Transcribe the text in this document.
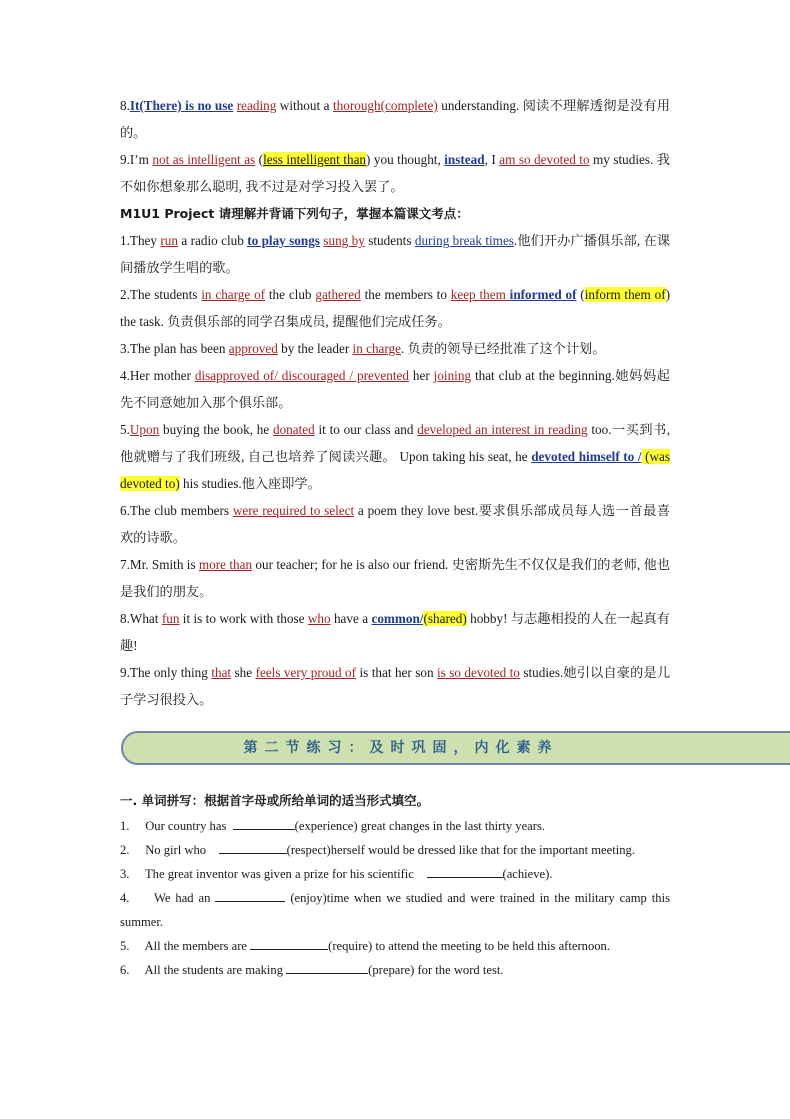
8.It(There) is no use reading without a thorough(complete) understanding. 阅读不理解透彻是没有用的。

9.I’m not as intelligent as (less intelligent than) you thought, instead, I am so devoted to my studies. 我不如你想象那么聪明, 我不过是对学习投入罢了。

M1U1 Project 请理解并背诵下列句子，掌握本篇课文考点：

1.They run a radio club to play songs sung by students during break times.他们开办广播俱乐部, 在课间播放学生唱的歌。

2.The students in charge of the club gathered the members to keep them informed of (inform them of) the task. 负责俱乐部的同学召集成员, 提醒他们完成任务。

3.The plan has been approved by the leader in charge. 负责的领导已经批准了这个计划。

4.Her mother disapproved of/ discouraged / prevented her joining that club at the beginning.她妈妈起先不同意她加入那个俱乐部。

5.Upon buying the book, he donated it to our class and developed an interest in reading too.一买到书, 他就赠与了我们班级, 自己也培养了阅读兴趣。 Upon taking his seat, he devoted himself to / (was devoted to) his studies.他入座即学。

6.The club members were required to select a poem they love best.要求俱乐部成员每人选一首最喜欢的诗歌。

7.Mr. Smith is more than our teacher; for he is also our friend. 史密斯先生不仅仅是我们的老师, 他也是我们的朋友。

8.What fun it is to work with those who have a common/(shared) hobby! 与志趣相投的人在一起真有趣!

9.The only thing that she feels very proud of is that her son is so devoted to studies.她引以自豪的是儿子学习很投入。

第二节练习：及时巩固，内化素养

一. 单词拼写：根据首字母或所给单词的适当形式填空。

1. Our country has	(experience) great changes in the last thirty years.

2. No girl who	(respect)herself would be dressed like that for the important meeting.

3. The great inventor was given a prize for his scientific	(achieve).

4. We had an	(enjoy)time when we studied and were trained in the military camp this summer.

5. All the members are	(require) to attend the meeting to be held this afternoon.

6. All the students are making	(prepare) for the word test.
